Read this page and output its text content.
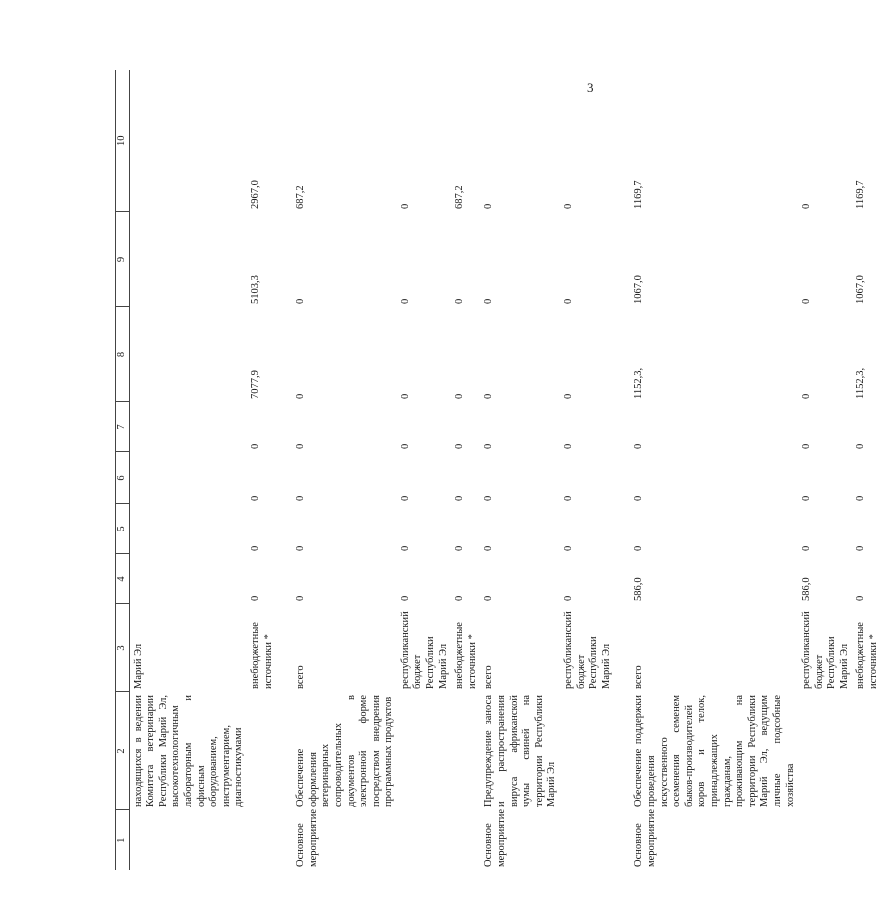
3
1	2	3	4	5	6	7	8	9	10
	находящихся в ведении Комитета ветеринарии Республики Марий Эл, высокотехнологичным лабораторным и офисным оборудованием, инструментарием, диагностикумами	Марий Эл							
		внебюджетные источники *	0	0	0	0	7077,9	5103,3	2967,0

Основное мероприятие	Обеспечение оформления ветеринарных сопроводительных документов в электронной форме посредством внедрения программных продуктов	всего	0	0	0	0	0	0	687,2
		республиканский бюджет Республики Марий Эл	0	0	0	0	0	0	0
		внебюджетные источники *	0	0	0	0	0	0	687,2
Основное мероприятие	Предупреждение заноса и распространения вируса африканской чумы свиней на территории Республики Марий Эл	всего	0	0	0	0	0	0	0
		республиканский бюджет Республики Марий Эл	0	0	0	0	0	0	0

Основное мероприятие	Обеспечение поддержки проведения искусственного осеменения семенем быков-производителей коров и телок, принадлежащих гражданам, проживающим на территории Республики Марий Эл, ведущим личные подсобные хозяйства	всего	586,0	0	0	0	1152,3,	1067,0	1169,7
		республиканский бюджет Республики Марий Эл	586,0	0	0	0	0	0	0
		внебюджетные источники *	0	0	0	0	1152,3,	1067,0	1169,7
